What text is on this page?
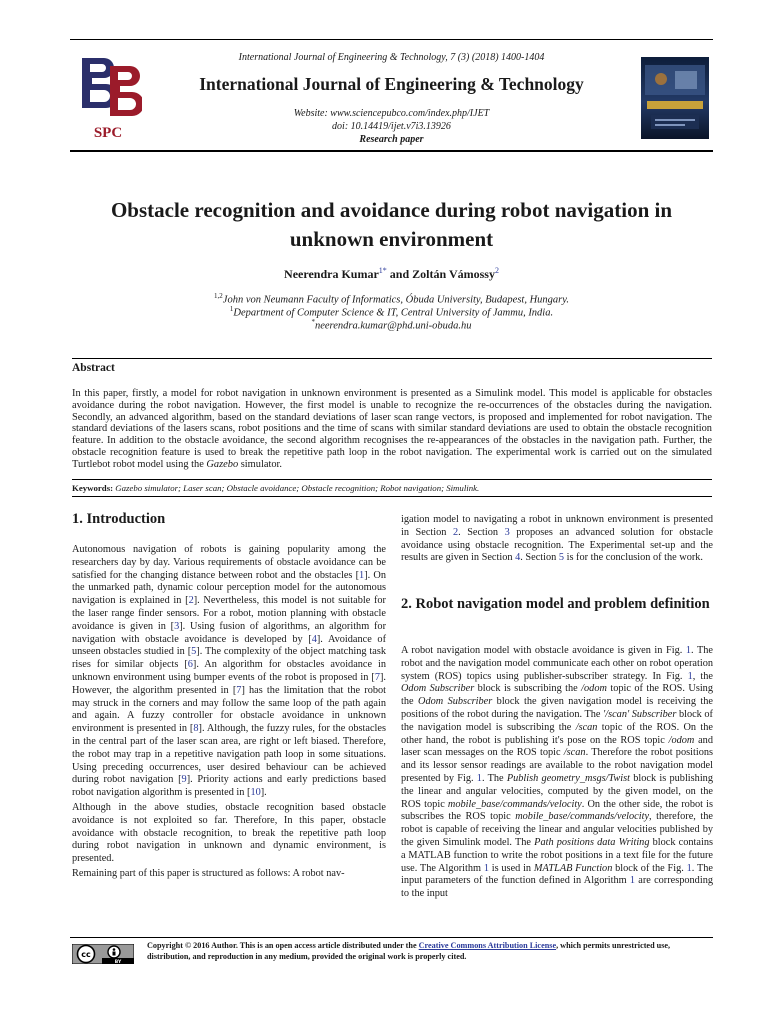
SPC
International Journal of Engineering & Technology, 7 (3) (2018) 1400-1404
International Journal of Engineering & Technology
Website: www.sciencepubco.com/index.php/IJET
doi: 10.14419/ijet.v7i3.13926
Research paper
Obstacle recognition and avoidance during robot navigation in unknown environment
Neerendra Kumar$^{1*}$ and Zoltán Vámossy$^2$
$^{1,2}$John von Neumann Faculty of Informatics, Óbuda University, Budapest, Hungary.
$^1$Department of Computer Science & IT, Central University of Jammu, India.
*neerendra.kumar@phd.uni-obuda.hu
Abstract
In this paper, firstly, a model for robot navigation in unknown environment is presented as a Simulink model. This model is applicable for obstacles avoidance during the robot navigation. However, the first model is unable to recognize the re-occurrences of the obstacles during the navigation. Secondly, an advanced algorithm, based on the standard deviations of laser scan range vectors, is proposed and implemented for robot navigation. The standard deviations of the lasers scans, robot positions and the time of scans with similar standard deviations are used to obtain the obstacle recognition feature. In addition to the obstacle avoidance, the second algorithm recognises the re-appearances of the obstacles in the navigation path. Further, the obstacle recognition feature is used to break the repetitive path loop in the robot navigation. The experimental work is carried out on the simulated Turtlebot robot model using the Gazebo simulator.
Keywords: Gazebo simulator; Laser scan; Obstacle avoidance; Obstacle recognition; Robot navigation; Simulink.
1. Introduction

Autonomous navigation of robots is gaining popularity among the researchers day by day. Various requirements of obstacle avoidance can be satisfied for the changing distance between robot and the obstacles [1]. On the unmarked path, dynamic colour perception model for the autonomous navigation is explained in [2]. Nevertheless, this model is not suitable for the laser range finder sensors. For a robot, motion planning with obstacle avoidance is given in [3]. Using fusion of algorithms, an algorithm for navigation with obstacle avoidance is developed by [4]. Avoidance of unseen obstacles studied in [5]. The complexity of the object matching task rises for similar objects [6]. An algorithm for obstacles avoidance in unknown environment using bumper events of the robot is proposed in [7]. However, the algorithm presented in [7] has the limitation that the robot may struck in the corners and may follow the same loop of the path again and again. A fuzzy controller for obstacle avoidance in unknown environment is presented in [8]. Although, the fuzzy rules, for the obstacles in the central part of the laser scan area, are right or left biased. Therefore, the robot may trap in a repetitive navigation path loop in some situations. Using preceding occurrences, user desired behaviour can be achieved during robot navigation [9]. Priority actions and early predictions based robot navigation algorithm is presented in [10].

Although in the above studies, obstacle recognition based obstacle avoidance is not exploited so far. Therefore, In this paper, obstacle avoidance with obstacle recognition, to break the repetitive path loop during robot navigation in unknown and dynamic environment, is presented.

Remaining part of this paper is structured as follows: A robot nav-

igation model to navigating a robot in unknown environment is presented in Section 2. Section 3 proposes an advanced solution for obstacle avoidance using obstacle recognition. The Experimental set-up and the results are given in Section 4. Section 5 is for the conclusion of the work.
2. Robot navigation model and problem definition
A robot navigation model with obstacle avoidance is given in Fig. 1. The robot and the navigation model communicate each other on robot operation system (ROS) topics using publisher-subscriber strategy. In Fig. 1, the Odom Subscriber block is subscribing the /odom topic of the ROS. Using the Odom Subscriber block the given navigation model is receiving the positions of the robot during the navigation. The '/scan' Subscriber block of the navigation model is subscribing the /scan topic of the ROS. On the other hand, the robot is publishing it's pose on the ROS topic /odom and laser scan messages on the ROS topic /scan. Therefore the robot positions and its lessor sensor readings are available to the robot navigation model presented by Fig. 1. The Publish geometry_msgs/Twist block is publishing the linear and angular velocities, computed by the given model, on the ROS topic mobile_base/commands/velocity. On the other side, the robot is subscribes the ROS topic mobile_base/commands/velocity, therefore, the robot is capable of receiving the linear and angular velocities published by the given Simulink model. The Path positions data Writing block contains a MATLAB function to write the robot positions in a text file for the future use. The Algorithm 1 is used in MATLAB Function block of the Fig. 1. The input parameters of the function defined in Algorithm 1 are corresponding to the input
cc
BY
Copyright © 2016 Author. This is an open access article distributed under the Creative Commons Attribution License, which permits unrestricted use, distribution, and reproduction in any medium, provided the original work is properly cited.
